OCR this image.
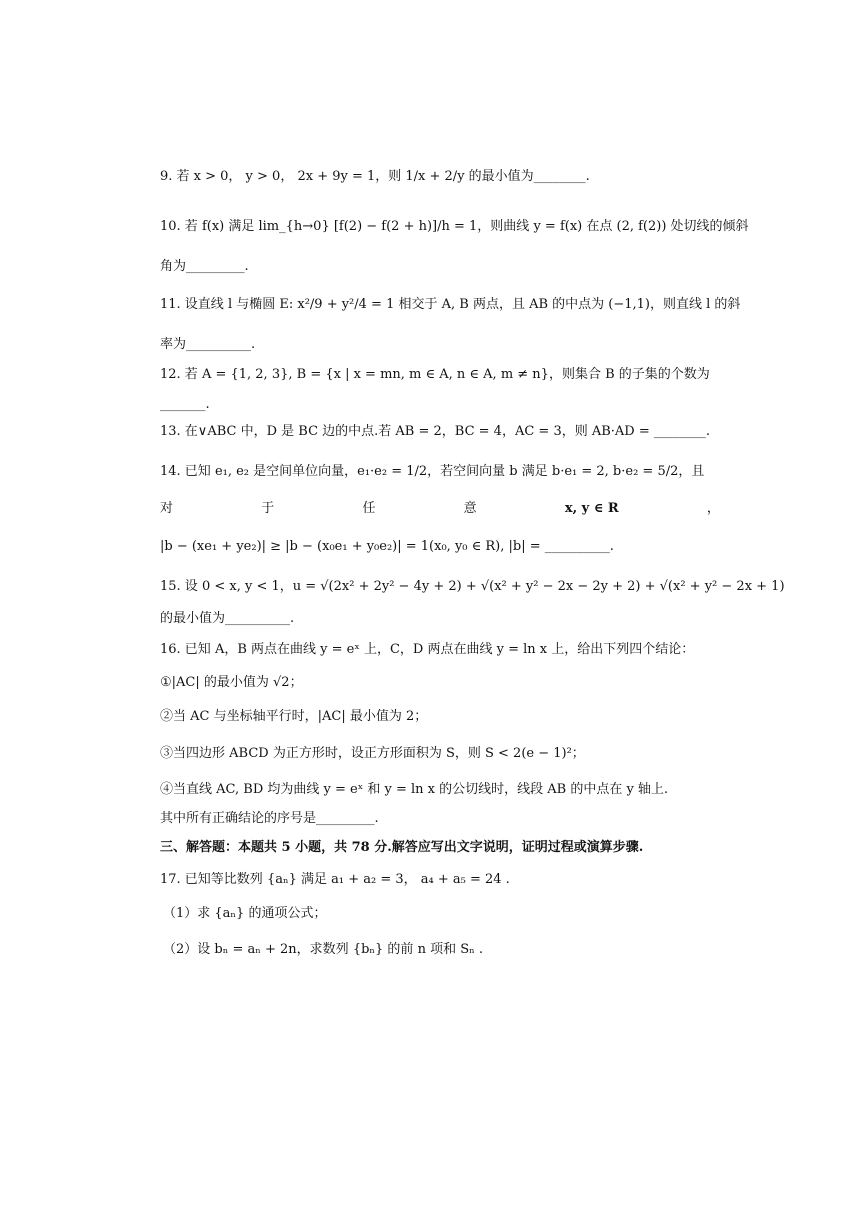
9. 若 x > 0， y > 0， 2x + 9y = 1，则 1/x + 2/y 的最小值为________.
10. 若 f(x) 满足 lim_{h→0} [f(2) − f(2 + h)]/h = 1，则曲线 y = f(x) 在点 (2, f(2)) 处切线的倾斜
角为_________.
11. 设直线 l 与椭圆 E: x²/9 + y²/4 = 1 相交于 A, B 两点，且 AB 的中点为 (−1,1)，则直线 l 的斜
率为__________.
12. 若 A = {1, 2, 3}, B = {x | x = mn, m ∈ A, n ∈ A, m ≠ n}，则集合 B 的子集的个数为
_______.
13. 在∨ABC 中，D 是 BC 边的中点.若 AB = 2，BC = 4，AC = 3，则 AB·AD = ________.
14. 已知 e₁, e₂ 是空间单位向量，e₁·e₂ = 1/2，若空间向量 b 满足 b·e₁ = 2, b·e₂ = 5/2，且
对	于	任	意	x, y ∈ R	，
|b − (xe₁ + ye₂)| ≥ |b − (x₀e₁ + y₀e₂)| = 1(x₀, y₀ ∈ R), |b| = __________.
15. 设 0 < x, y < 1，u = √(2x² + 2y² − 4y + 2) + √(x² + y² − 2x − 2y + 2) + √(x² + y² − 2x + 1)
的最小值为__________.
16. 已知 A，B 两点在曲线 y = eˣ 上，C，D 两点在曲线 y = ln x 上，给出下列四个结论：
①|AC| 的最小值为 √2；
②当 AC 与坐标轴平行时，|AC| 最小值为 2；
③当四边形 ABCD 为正方形时，设正方形面积为 S，则 S < 2(e − 1)²；
④当直线 AC, BD 均为曲线 y = eˣ 和 y = ln x 的公切线时，线段 AB 的中点在 y 轴上.
其中所有正确结论的序号是_________.
三、解答题：本题共 5 小题，共 78 分.解答应写出文字说明，证明过程或演算步骤.
17. 已知等比数列 {aₙ} 满足 a₁ + a₂ = 3， a₄ + a₅ = 24 .
（1）求 {aₙ} 的通项公式；
（2）设 bₙ = aₙ + 2n，求数列 {bₙ} 的前 n 项和 Sₙ .
